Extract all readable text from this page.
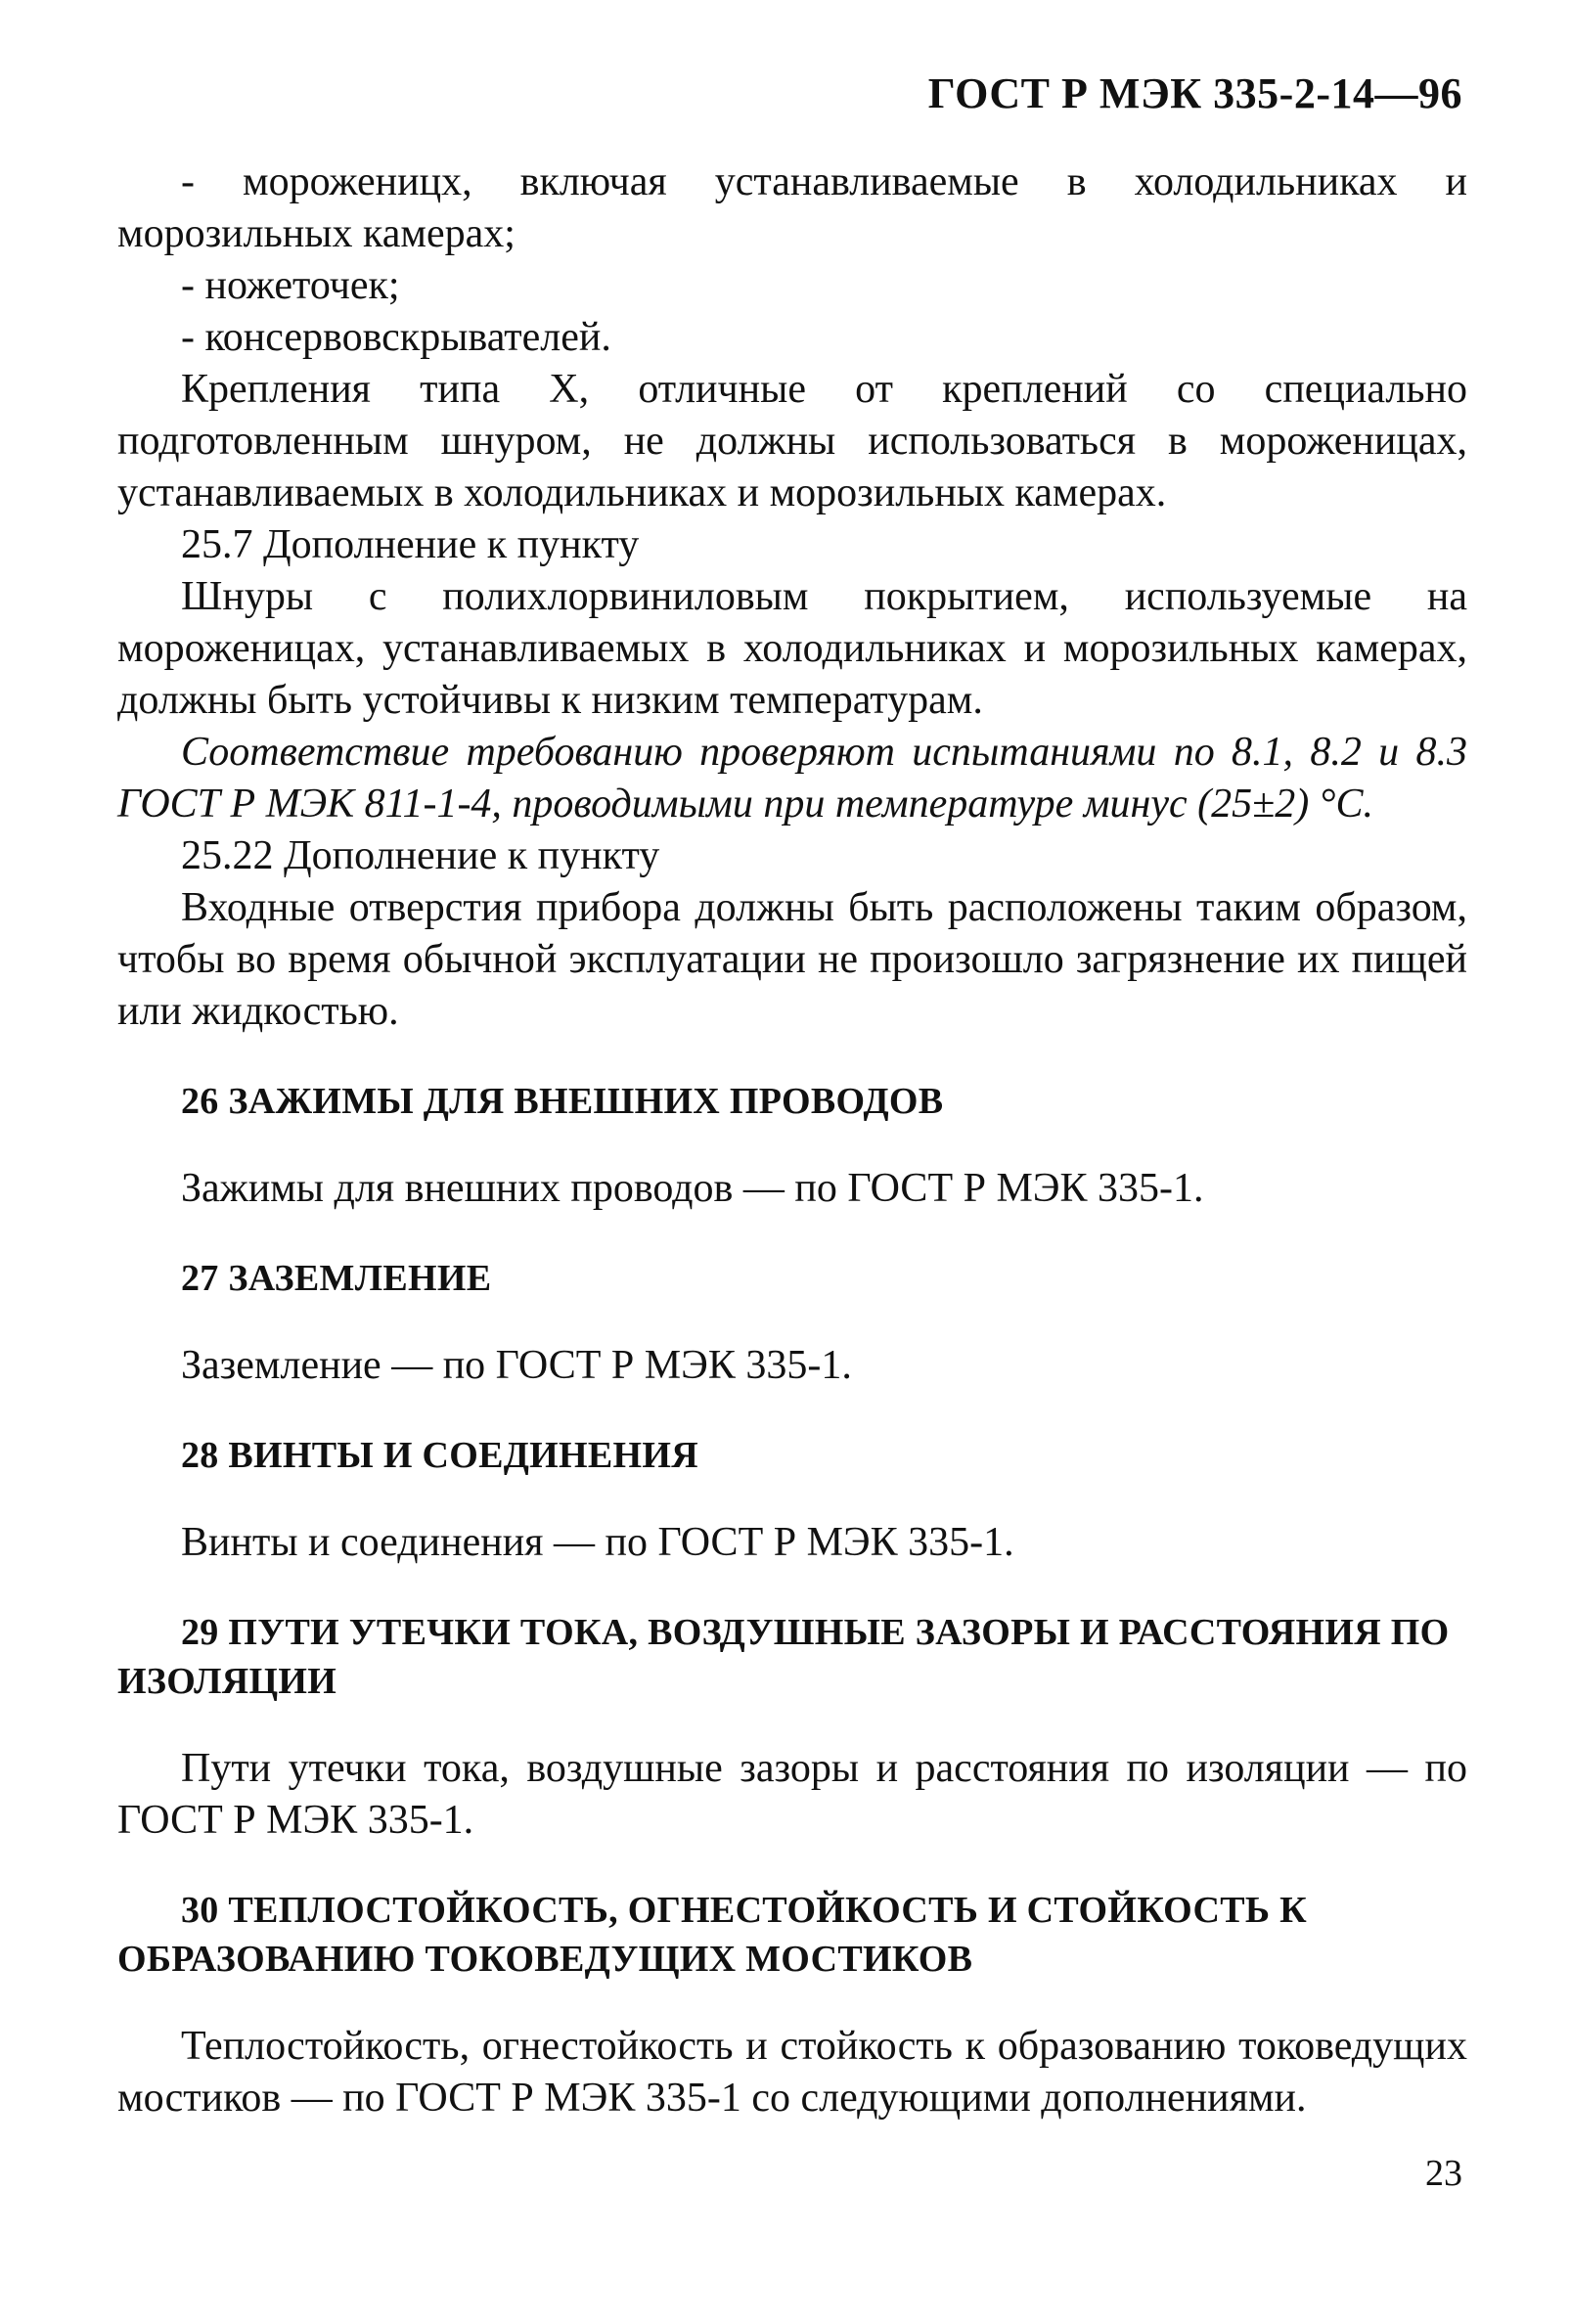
ГОСТ Р МЭК 335-2-14—96

- мороженицх, включая устанавливаемые в холодильниках и морозильных камерах;

- ножеточек;

- консервовскрывателей.

Крепления типа X, отличные от креплений со специально подготовленным шнуром, не должны использоваться в мороженицах, устанавливаемых в холодильниках и морозильных камерах.

25.7 Дополнение к пункту

Шнуры с полихлорвиниловым покрытием, используемые на мороженицах, устанавливаемых в холодильниках и морозильных камерах, должны быть устойчивы к низким температурам.

Соответствие требованию проверяют испытаниями по 8.1, 8.2 и 8.3 ГОСТ Р МЭК 811-1-4, проводимыми при температуре минус (25±2) °С.

25.22 Дополнение к пункту

Входные отверстия прибора должны быть расположены таким образом, чтобы во время обычной эксплуатации не произошло загрязнение их пищей или жидкостью.

26 ЗАЖИМЫ ДЛЯ ВНЕШНИХ ПРОВОДОВ

Зажимы для внешних проводов — по ГОСТ Р МЭК 335-1.

27 ЗАЗЕМЛЕНИЕ

Заземление — по ГОСТ Р МЭК 335-1.

28 ВИНТЫ И СОЕДИНЕНИЯ

Винты и соединения — по ГОСТ Р МЭК 335-1.

29 ПУТИ УТЕЧКИ ТОКА, ВОЗДУШНЫЕ ЗАЗОРЫ И РАССТОЯНИЯ ПО ИЗОЛЯЦИИ

Пути утечки тока, воздушные зазоры и расстояния по изоляции — по ГОСТ Р МЭК 335-1.

30 ТЕПЛОСТОЙКОСТЬ, ОГНЕСТОЙКОСТЬ И СТОЙКОСТЬ К ОБРАЗОВАНИЮ ТОКОВЕДУЩИХ МОСТИКОВ

Теплостойкость, огнестойкость и стойкость к образованию токоведущих мостиков — по ГОСТ Р МЭК 335-1 со следующими дополнениями.

23
